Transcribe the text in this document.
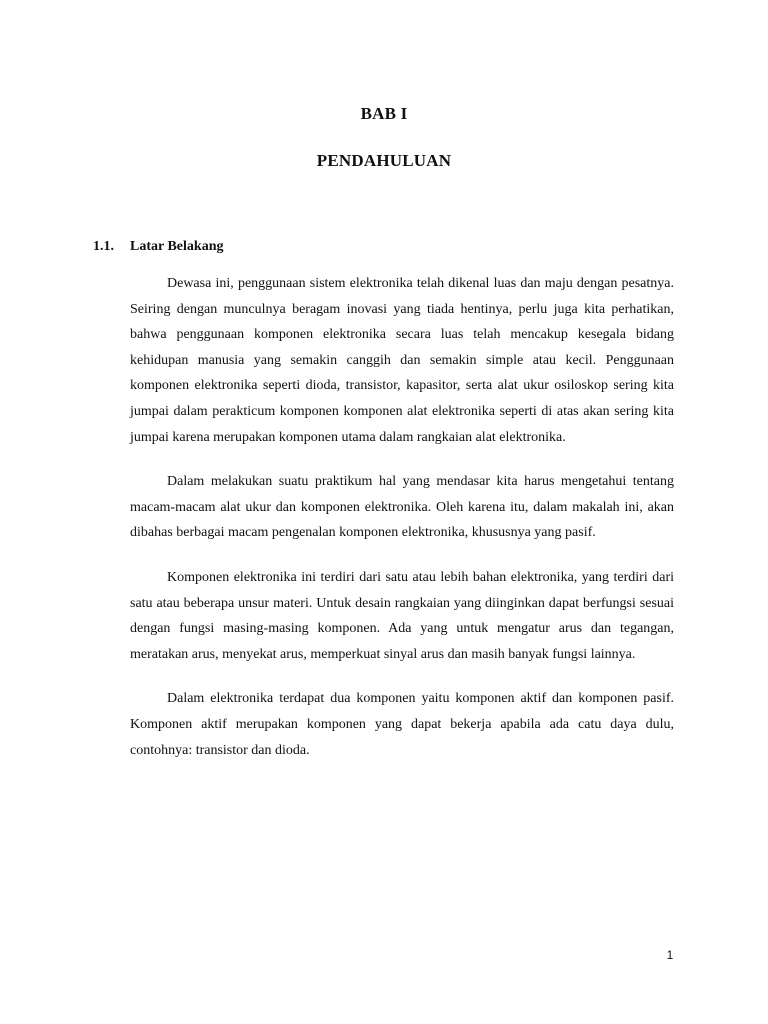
BAB I
PENDAHULUAN
1.1. Latar Belakang

Dewasa ini, penggunaan sistem elektronika telah dikenal luas dan maju dengan pesatnya. Seiring dengan munculnya beragam inovasi yang tiada hentinya, perlu juga kita perhatikan, bahwa penggunaan komponen elektronika secara luas telah mencakup kesegala bidang kehidupan manusia yang semakin canggih dan semakin simple atau kecil. Penggunaan komponen elektronika seperti dioda, transistor, kapasitor, serta alat ukur osiloskop sering kita jumpai dalam perakticum komponen komponen alat elektronika seperti di atas akan sering kita jumpai karena merupakan komponen utama dalam rangkaian alat elektronika.

Dalam melakukan suatu praktikum hal yang mendasar kita harus mengetahui tentang macam-macam alat ukur dan komponen elektronika. Oleh karena itu, dalam makalah ini, akan dibahas berbagai macam pengenalan komponen elektronika, khususnya yang pasif.

Komponen elektronika ini terdiri dari satu atau lebih bahan elektronika, yang terdiri dari satu atau beberapa unsur materi. Untuk desain rangkaian yang diinginkan dapat berfungsi sesuai dengan fungsi masing-masing komponen. Ada yang untuk mengatur arus dan tegangan, meratakan arus, menyekat arus, memperkuat sinyal arus dan masih banyak fungsi lainnya.

Dalam elektronika terdapat dua komponen yaitu komponen aktif dan komponen pasif. Komponen aktif merupakan komponen yang dapat bekerja apabila ada catu daya dulu, contohnya: transistor dan dioda.

1
